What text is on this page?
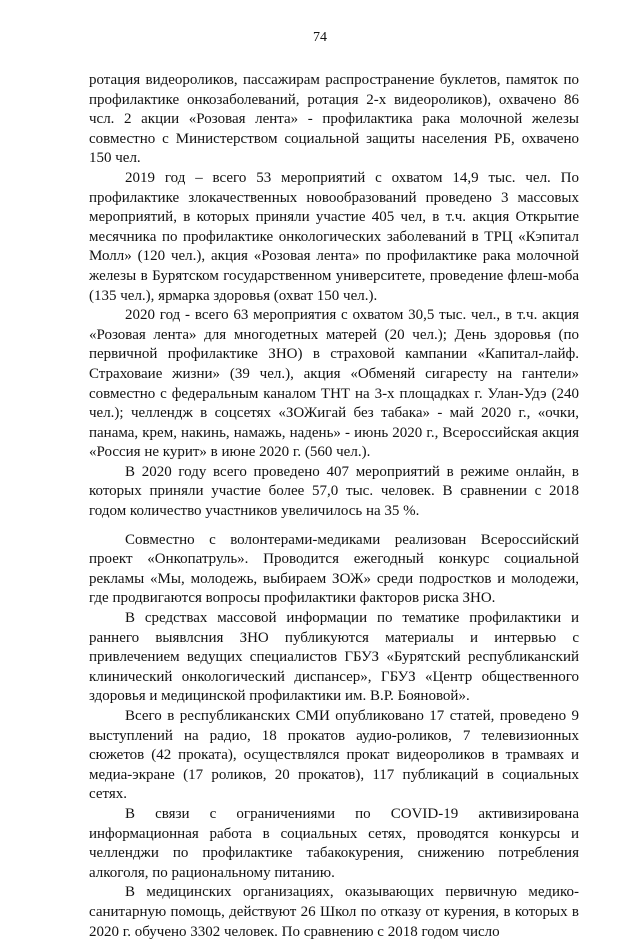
74

ротация видеороликов, пассажирам распространение буклетов, памяток по профилактике онкозаболеваний, ротация 2-х видеороликов), охвачено 86 чсл. 2 акции «Розовая лента» - профилактика рака молочной железы совместно с Министерством социальной защиты населения РБ, охвачено 150 чел.

2019 год – всего 53 мероприятий с охватом 14,9 тыс. чел. По профилактике злокачественных новообразований проведено 3 массовых мероприятий, в которых приняли участие 405 чел, в т.ч. акция Открытие месячника по профилактике онкологических заболеваний в ТРЦ «Кэпитал Молл» (120 чел.), акция «Розовая лента» по профилактике рака молочной железы в Бурятском государственном университете, проведение флеш-моба (135 чел.), ярмарка здоровья (охват 150 чел.).

2020 год - всего 63 мероприятия с охватом 30,5 тыс. чел., в т.ч. акция «Розовая лента» для многодетных матерей (20 чел.); День здоровья (по первичной профилактике ЗНО) в страховой кампании «Капитал-лайф. Страховаие жизни» (39 чел.), акция «Обменяй сигаресту на гантели» совместно с федеральным каналом ТНТ на 3-х площадках г. Улан-Удэ (240 чел.); челлендж в соцсетях «ЗОЖигай без табака» - май 2020 г., «очки, панама, крем, накинь, намажь, надень» - июнь 2020 г., Всероссийская акция «Россия не курит» в июне 2020 г. (560 чел.).

В 2020 году всего проведено 407 мероприятий в режиме онлайн, в которых приняли участие более 57,0 тыс. человек. В сравнении с 2018 годом количество участников увеличилось на 35 %.

Совместно с волонтерами-медиками реализован Всероссийский проект «Онкопатруль». Проводится ежегодный конкурс социальной рекламы «Мы, молодежь, выбираем ЗОЖ» среди подростков и молодежи, где продвигаются вопросы профилактики факторов риска ЗНО.

В средствах массовой информации по тематике профилактики и раннего выявлсния ЗНО публикуются материалы и интервью с привлечением ведущих специалистов ГБУЗ «Бурятский республиканский клинический онкологический диспансер», ГБУЗ «Центр общественного здоровья и медицинской профилактики им. В.Р. Бояновой».

Всего в республиканских СМИ опубликовано 17 статей, проведено 9 выступлений на радио, 18 прокатов аудио-роликов, 7 телевизионных сюжетов (42 проката), осуществлялся прокат видеороликов в трамваях и медиа-экране (17 роликов, 20 прокатов), 117 публикаций в социальных сетях.

В связи с ограничениями по COVID-19 активизирована информационная работа в социальных сетях, проводятся конкурсы и челленджи по профилактике табакокурения, снижению потребления алкоголя, по рациональному питанию.

В медицинских организациях, оказывающих первичную медико-санитарную помощь, действуют 26 Школ по отказу от курения, в которых в 2020 г. обучено 3302 человек. По сравнению с 2018 годом число
